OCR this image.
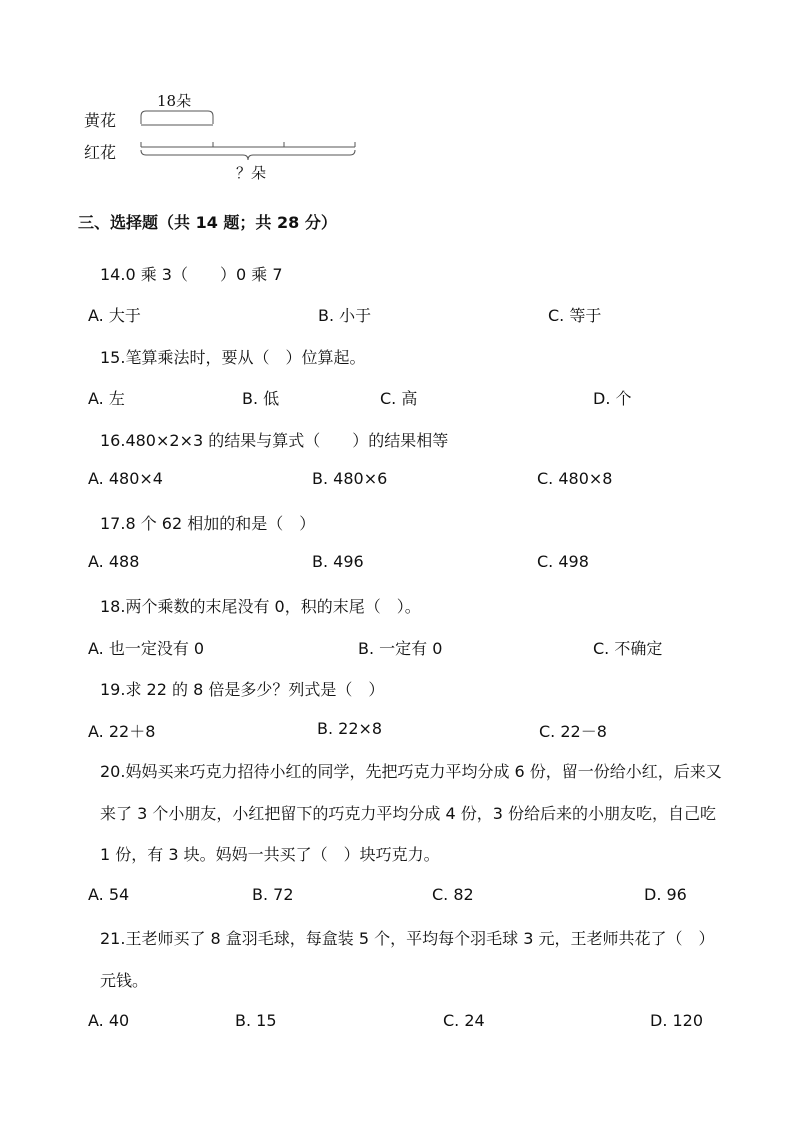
黄花
红花
18朵
？朵
三、选择题（共 14 题；共 28 分）
14.0 乘 3（　　）0 乘 7
A. 大于	B. 小于	C. 等于
15.笔算乘法时，要从（　）位算起。
A. 左	B. 低	C. 高	D. 个
16.480×2×3 的结果与算式（　　）的结果相等
A. 480×4	B. 480×6	C. 480×8
17.8 个 62 相加的和是（　）
A. 488	B. 496	C. 498
18.两个乘数的末尾没有 0，积的末尾（　）。
A. 也一定没有 0	B. 一定有 0	C. 不确定
19.求 22 的 8 倍是多少？列式是（　）
A. 22＋8	B. 22×8	C. 22－8
20.妈妈买来巧克力招待小红的同学，先把巧克力平均分成 6 份，留一份给小红，后来又来了 3 个小朋友，小红把留下的巧克力平均分成 4 份，3 份给后来的小朋友吃，自己吃 1 份，有 3 块。妈妈一共买了（　）块巧克力。
A. 54	B. 72	C. 82	D. 96
21.王老师买了 8 盒羽毛球，每盒装 5 个，平均每个羽毛球 3 元，王老师共花了（　）元钱。
A. 40	B. 15	C. 24	D. 120
